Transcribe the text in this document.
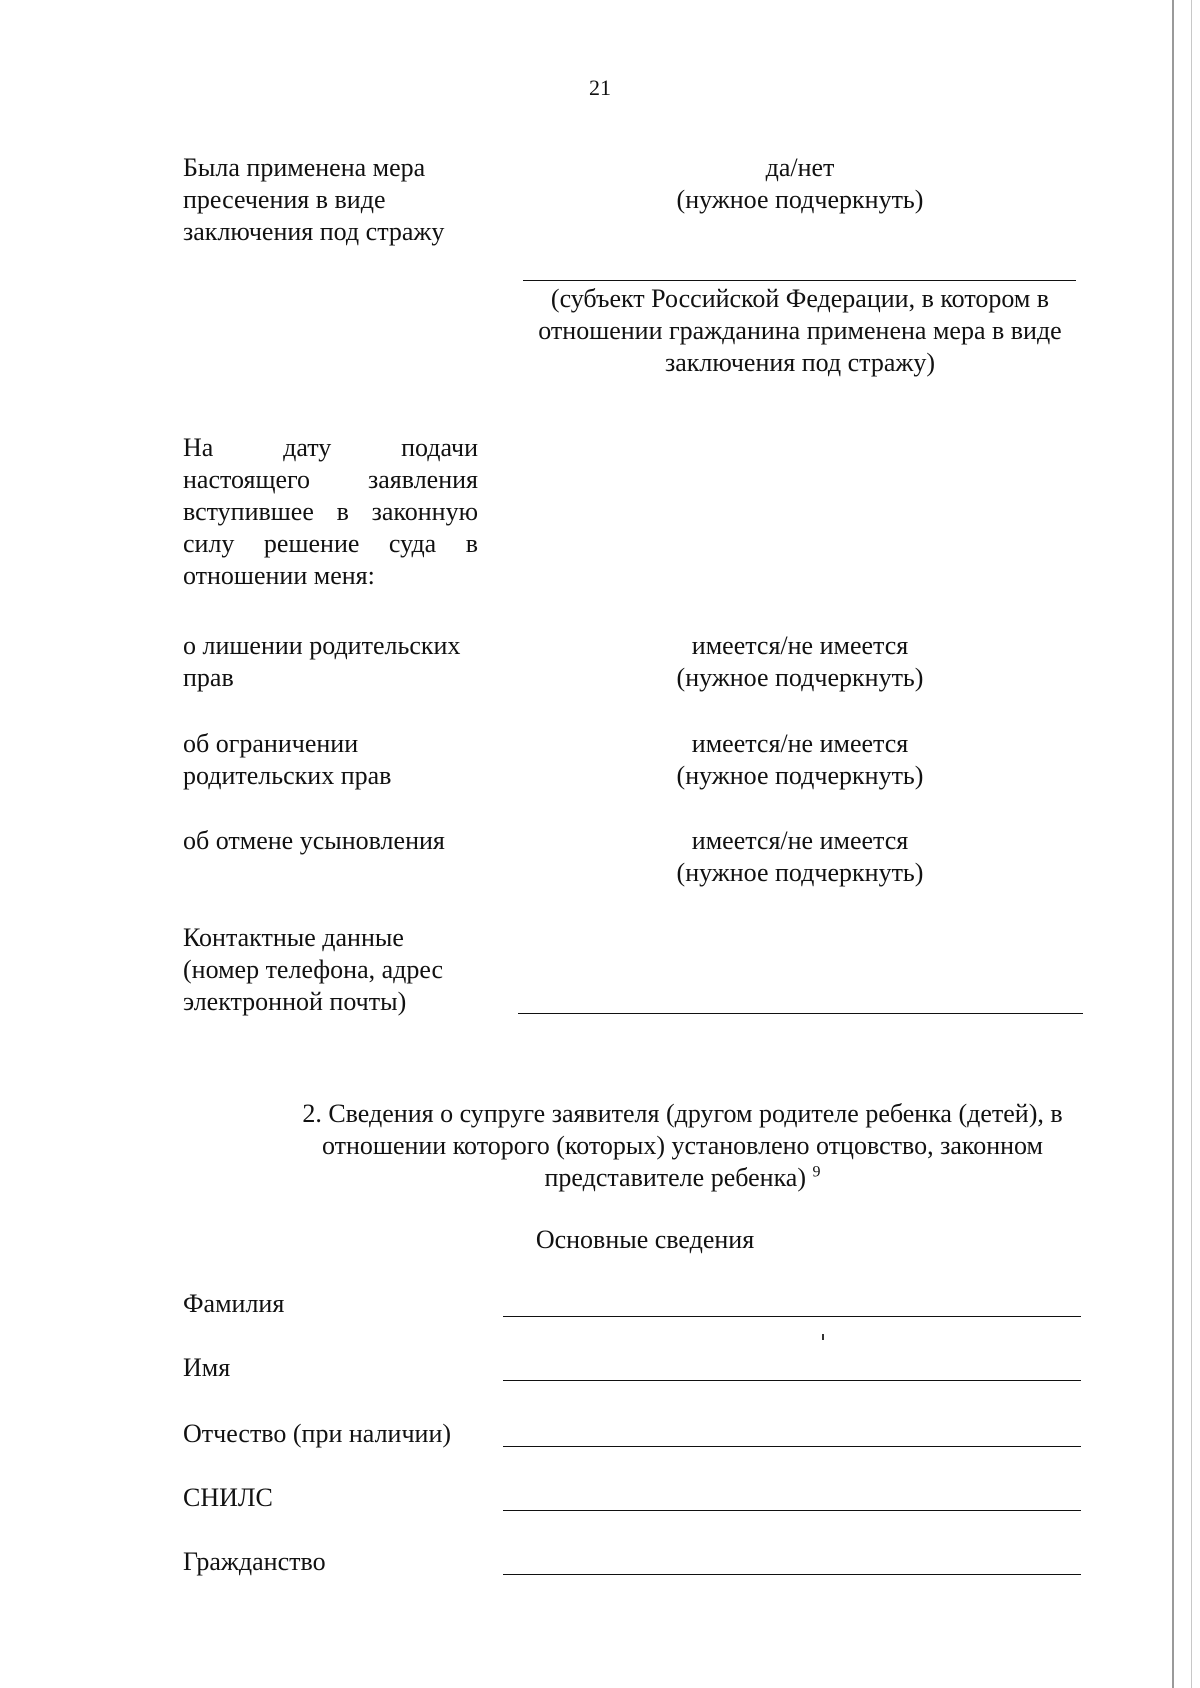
21
Была применена мера пресечения в виде заключения под стражу
да/нет
(нужное подчеркнуть)
(субъект Российской Федерации, в котором в отношении гражданина применена мера в виде заключения под стражу)
На дату подачи настоящего заявления вступившее в законную силу решение суда в отношении меня:
о лишении родительских прав
имеется/не имеется
(нужное подчеркнуть)
об ограничении родительских прав
имеется/не имеется
(нужное подчеркнуть)
об отмене усыновления	имеется/не имеется
(нужное подчеркнуть)
Контактные данные (номер телефона, адрес электронной почты)
2. Сведения о супруге заявителя (другом родителе ребенка (детей), в отношении которого (которых) установлено отцовство, законном представителе ребенка) $^9$
Основные сведения
Фамилия
Имя
Отчество (при наличии)
СНИЛС
Гражданство
